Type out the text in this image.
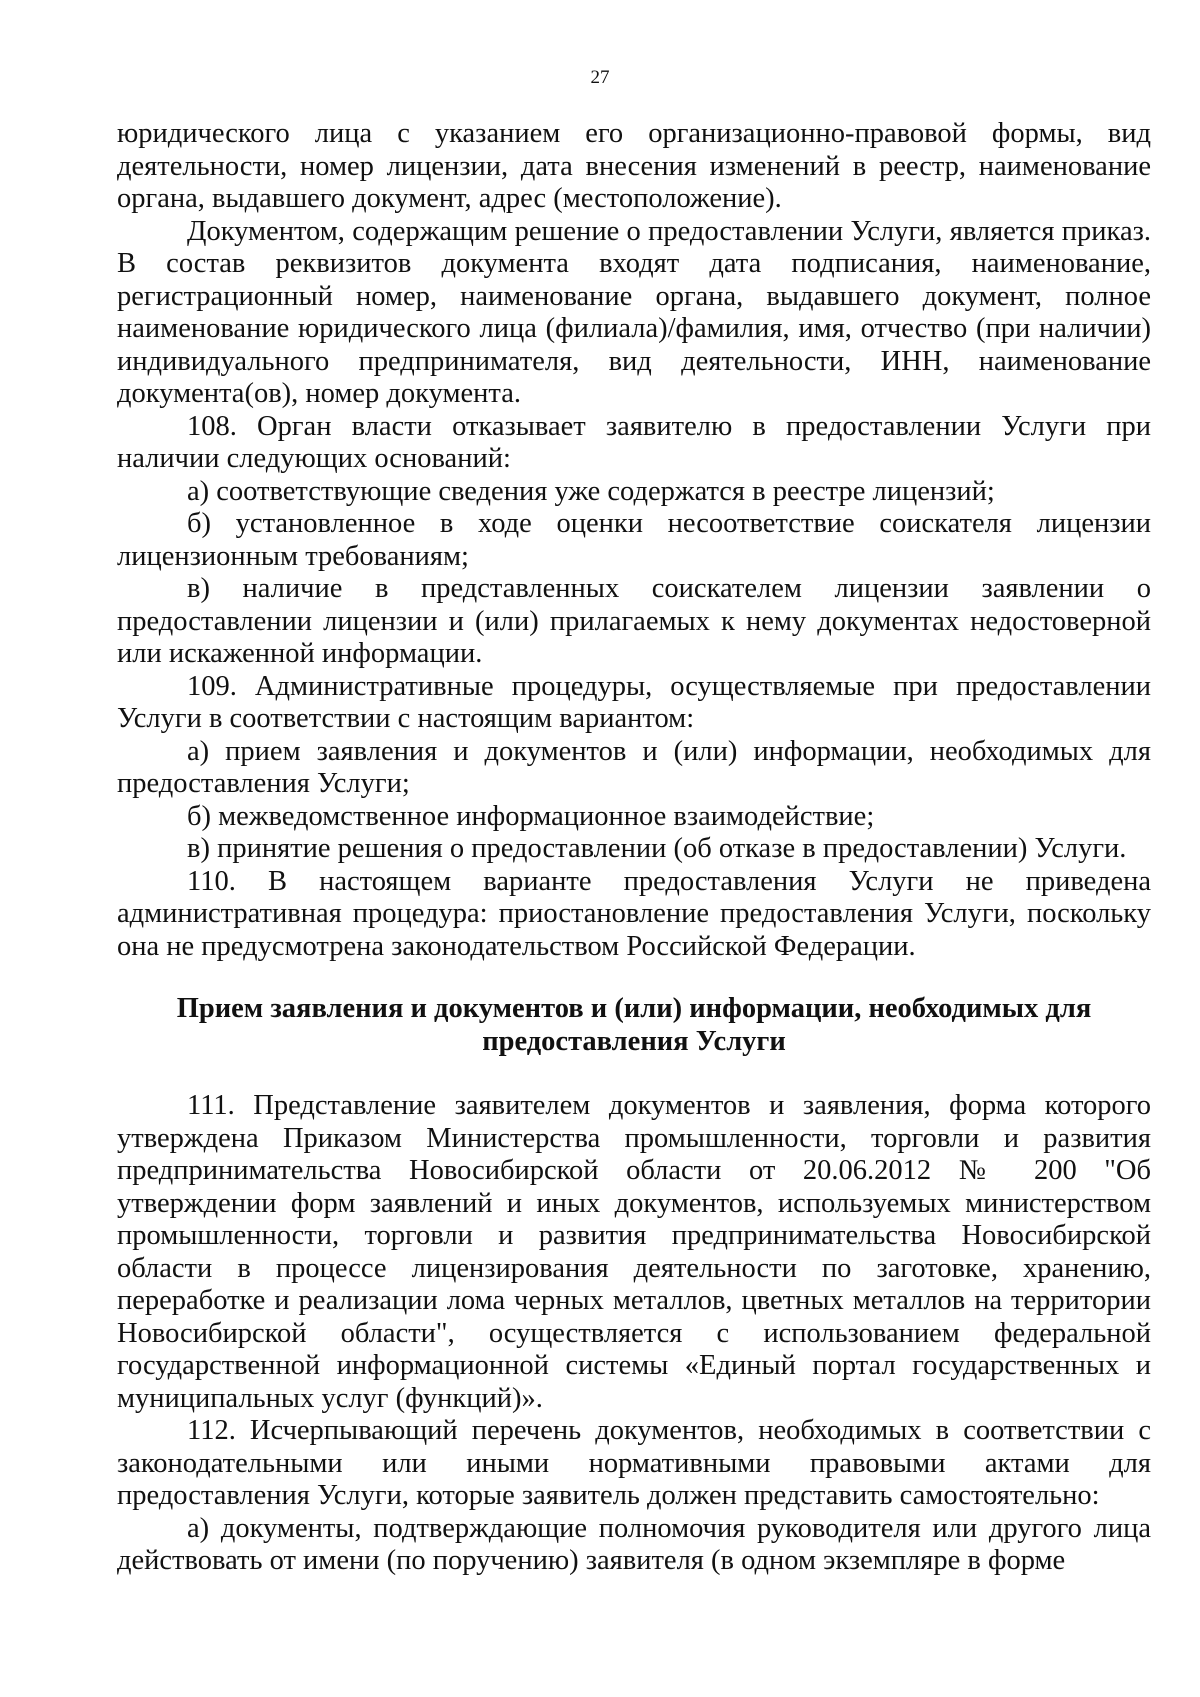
27

юридического лица с указанием его организационно-правовой формы, вид деятельности, номер лицензии, дата внесения изменений в реестр, наименование органа, выдавшего документ, адрес (местоположение).

Документом, содержащим решение о предоставлении Услуги, является приказ. В состав реквизитов документа входят дата подписания, наименование, регистрационный номер, наименование органа, выдавшего документ, полное наименование юридического лица (филиала)/фамилия, имя, отчество (при наличии) индивидуального предпринимателя, вид деятельности, ИНН, наименование документа(ов), номер документа.

108. Орган власти отказывает заявителю в предоставлении Услуги при наличии следующих оснований:

а) соответствующие сведения уже содержатся в реестре лицензий;

б) установленное в ходе оценки несоответствие соискателя лицензии лицензионным требованиям;

в) наличие в представленных соискателем лицензии заявлении о предоставлении лицензии и (или) прилагаемых к нему документах недостоверной или искаженной информации.

109. Административные процедуры, осуществляемые при предоставлении Услуги в соответствии с настоящим вариантом:

а) прием заявления и документов и (или) информации, необходимых для предоставления Услуги;

б) межведомственное информационное взаимодействие;

в) принятие решения о предоставлении (об отказе в предоставлении) Услуги.

110. В настоящем варианте предоставления Услуги не приведена административная процедура: приостановление предоставления Услуги, поскольку она не предусмотрена законодательством Российской Федерации.

Прием заявления и документов и (или) информации, необходимых для
предоставления Услуги

111. Представление заявителем документов и заявления, форма которого утверждена Приказом Министерства промышленности, торговли и развития предпринимательства Новосибирской области от 20.06.2012 № 200 "Об утверждении форм заявлений и иных документов, используемых министерством промышленности, торговли и развития предпринимательства Новосибирской области в процессе лицензирования деятельности по заготовке, хранению, переработке и реализации лома черных металлов, цветных металлов на территории Новосибирской области", осуществляется с использованием федеральной государственной информационной системы «Единый портал государственных и муниципальных услуг (функций)».

112. Исчерпывающий перечень документов, необходимых в соответствии с законодательными или иными нормативными правовыми актами для предоставления Услуги, которые заявитель должен представить самостоятельно:

а) документы, подтверждающие полномочия руководителя или другого лица действовать от имени (по поручению) заявителя (в одном экземпляре в форме
